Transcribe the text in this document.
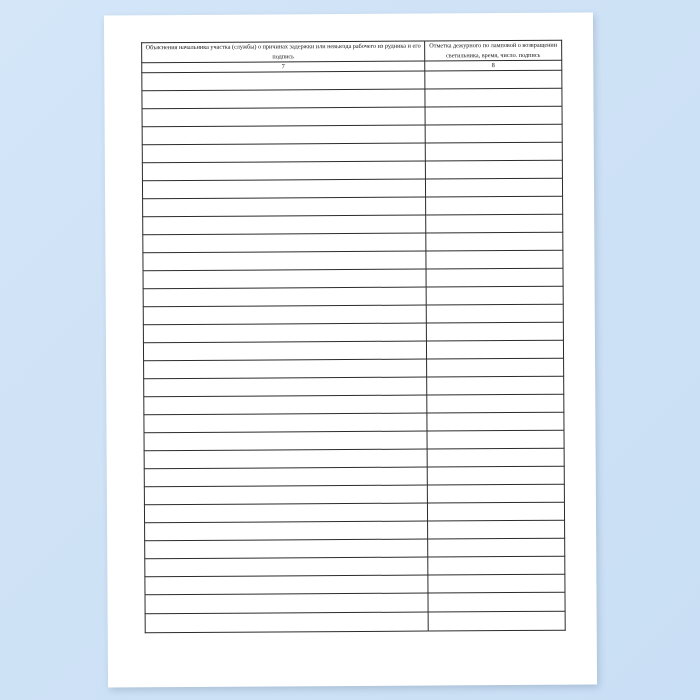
Объяснения начальника участка (службы) о причинах задержки или невыезда рабочего из рудника и его подпись	Отметка дежурного по ламповой о возвращении светильника, время, число. подпись
7	8
